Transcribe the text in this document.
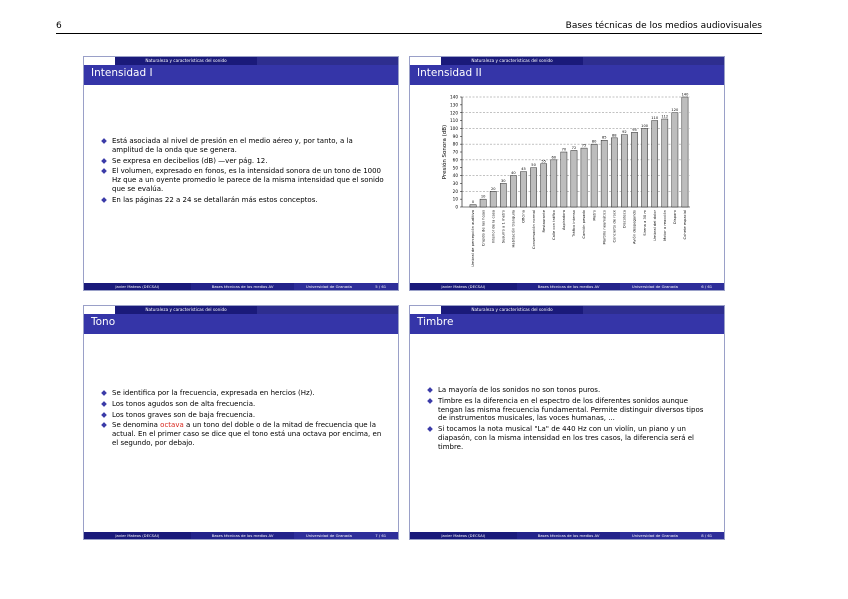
6	Bases técnicas de los medios audiovisuales
Naturaleza y características del sonido
Intensidad I
Está asociada al nivel de presión en el medio aéreo y, por tanto, a la amplitud de la onda que se genera.
Se expresa en decibelios (dB) —ver pág. 12.
El volumen, expresado en fonos, es la intensidad sonora de un tono de 1000 Hz que a un oyente promedio le parece de la misma intensidad que el sonido que se evalúa.
En las páginas 22 a 24 se detallarán más estos conceptos.
Javier Mateos (DECSAI)	Bases técnicas de los medios AV	Universidad de Granada	5 / 61
Naturaleza y características del sonido
Intensidad II
Presión Sonora (dB)
0
10
20
30
40
50
60
70
80
90
100
110
120
130
140
0
Umbral de percepción auditiva
10
Crujido de las hojas
20
Interior de la casa
30
Susurro a 1 metro
40
Habitación tranquila
45
Oficina
50
Conversación normal
55
Restaurante
60
Calle con tráfico
70
Aspiradora
72
Tráfico intenso
75
Camión pesado
80
Metro
85
Martillo neumático
88
Concierto de rock
92
Discoteca
95
Avión despegando
100
Sirena a 30 m
110
Umbral del dolor
112
Motor a reacción
120
Disparo
140
Cohete espacial
Javier Mateos (DECSAI)	Bases técnicas de los medios AV	Universidad de Granada	6 / 61
Naturaleza y características del sonido
Tono
Se identifica por la frecuencia, expresada en hercios (Hz).
Los tonos agudos son de alta frecuencia.
Los tonos graves son de baja frecuencia.
Se denomina octava a un tono del doble o de la mitad de frecuencia que la actual. En el primer caso se dice que el tono está una octava por encima, en el segundo, por debajo.
Javier Mateos (DECSAI)	Bases técnicas de los medios AV	Universidad de Granada	7 / 61
Naturaleza y características del sonido
Timbre
La mayoría de los sonidos no son tonos puros.
Timbre es la diferencia en el espectro de los diferentes sonidos aunque tengan las misma frecuencia fundamental. Permite distinguir diversos tipos de instrumentos musicales, las voces humanas, ...
Si tocamos la nota musical "La" de 440 Hz con un violín, un piano y un diapasón, con la misma intensidad en los tres casos, la diferencia será el timbre.
Javier Mateos (DECSAI)	Bases técnicas de los medios AV	Universidad de Granada	8 / 61
